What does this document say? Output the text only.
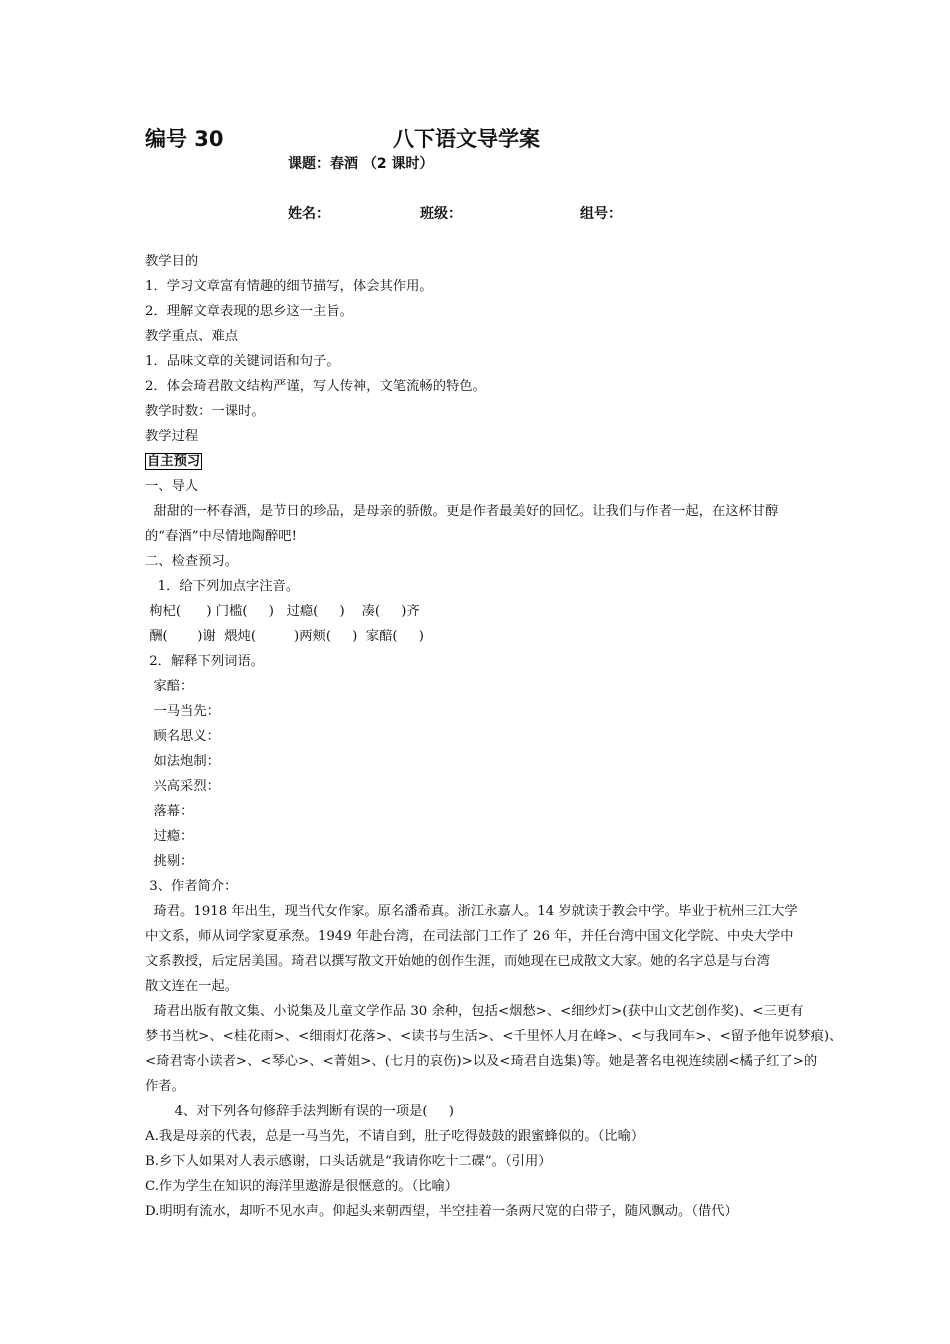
编号 30	八下语文导学案
课题：春酒 （2 课时）
姓名：	班级：	组号：
教学目的
1．学习文章富有情趣的细节描写，体会其作用。
2．理解文章表现的思乡这一主旨。
教学重点、难点
1．品味文章的关键词语和句子。
2．体会琦君散文结构严谨，写人传神，文笔流畅的特色。
教学时数：一课时。
教学过程
自主预习
一、导人
甜甜的一杯春酒，是节日的珍品，是母亲的骄傲。更是作者最美好的回忆。让我们与作者一起，在这杯甘醇
的“春酒”中尽情地陶醉吧!
二、检查预习。
1．给下列加点字注音。
枸杞(      ) 门槛(     )   过瘾(     )    凑(     )齐
酬(       )谢  煨炖(         )两颊(     )  家醅(     )
2．解释下列词语。
家醅：
一马当先：
顾名思义：
如法炮制：
兴高采烈：
落幕：
过瘾：
挑剔：
3、作者简介：
琦君。1918 年出生，现当代女作家。原名潘希真。浙江永嘉人。14 岁就读于教会中学。毕业于杭州三江大学
中文系，师从词学家夏承焘。1949 年赴台湾，在司法部门工作了 26 年，并任台湾中国文化学院、中央大学中
文系教授，后定居美国。琦君以撰写散文开始她的创作生涯，而她现在已成散文大家。她的名字总是与台湾
散文连在一起。
琦君出版有散文集、小说集及儿童文学作品 30 余种，包括<烟愁>、<细纱灯>(获中山文艺创作奖)、<三更有
梦书当枕>、<桂花雨>、<细雨灯花落>、<读书与生活>、<千里怀人月在峰>、<与我同车>、<留予他年说梦痕)、
<琦君寄小读者>、<琴心>、<菁姐>、(七月的哀伤)>以及<琦君自选集)等。她是著名电视连续剧<橘子红了>的
作者。
4、对下列各句修辞手法判断有误的一项是(     )
A.我是母亲的代表，总是一马当先，不请自到，肚子吃得鼓鼓的跟蜜蜂似的。（比喻）
B.乡下人如果对人表示感谢，口头话就是“我请你吃十二碟”。（引用）
C.作为学生在知识的海洋里遨游是很惬意的。（比喻）
D.明明有流水，却听不见水声。仰起头来朝西望，半空挂着一条两尺宽的白带子，随风飘动。（借代）
